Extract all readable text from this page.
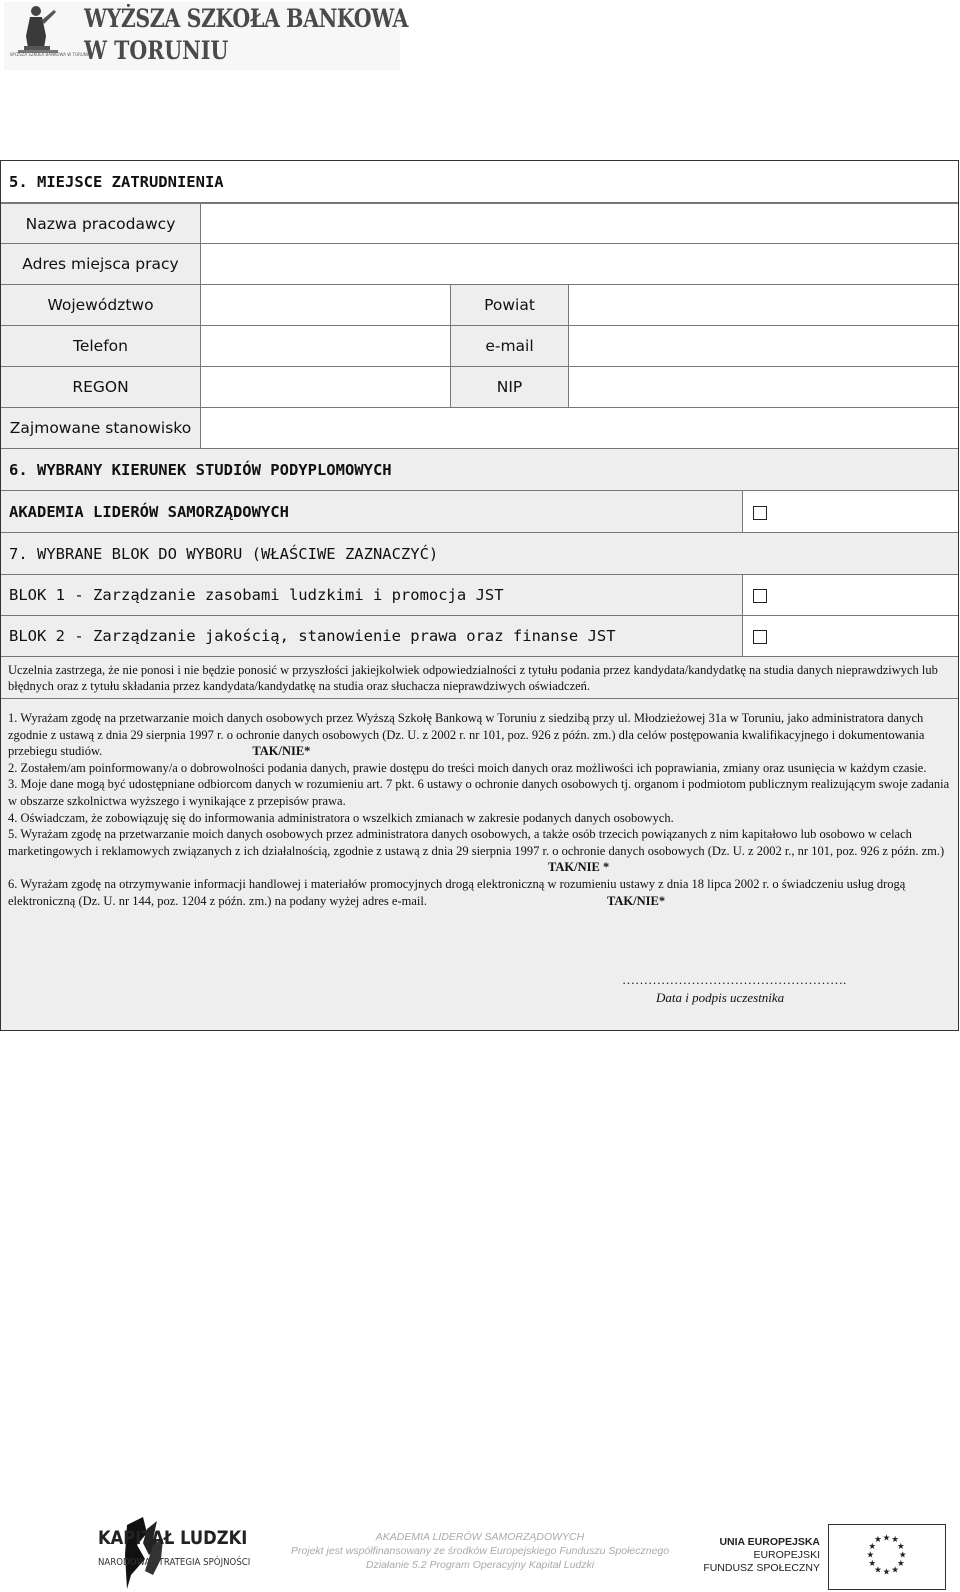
WYŻSZA SZKOŁA BANKOWA W TORUNIU
WYŻSZA SZKOŁA BANKOWA
W TORUNIU
5. MIEJSCE ZATRUDNIENIA
Nazwa pracodawcy
Adres miejsca pracy
Województwo	Powiat
Telefon	e-mail
REGON	NIP
Zajmowane stanowisko
6. WYBRANY KIERUNEK STUDIÓW PODYPLOMOWYCH
AKADEMIA LIDERÓW SAMORZĄDOWYCH
7. WYBRANE BLOK DO WYBORU (WŁAŚCIWE ZAZNACZYĆ)
BLOK 1 - Zarządzanie zasobami ludzkimi i promocja JST
BLOK 2 - Zarządzanie jakością, stanowienie prawa oraz finanse JST
Uczelnia zastrzega, że nie ponosi i nie będzie ponosić w przyszłości jakiejkolwiek odpowiedzialności z tytułu podania przez kandydata/kandydatkę na studia danych nieprawdziwych lub błędnych oraz z tytułu składania przez kandydata/kandydatkę na studia oraz słuchacza nieprawdziwych oświadczeń.

1. Wyrażam zgodę na przetwarzanie moich danych osobowych przez Wyższą Szkołę Bankową w Toruniu z siedzibą przy ul. Młodzieżowej 31a w Toruniu, jako administratora danych zgodnie z ustawą z dnia 29 sierpnia 1997 r. o ochronie danych osobowych (Dz. U. z 2002 r. nr 101, poz. 926 z późn. zm.) dla celów postępowania kwalifikacyjnego i dokumentowania przebiegu studiów.	TAK/NIE*

2. Zostałem/am poinformowany/a o dobrowolności podania danych, prawie dostępu do treści moich danych oraz możliwości ich poprawiania, zmiany oraz usunięcia w każdym czasie.

3. Moje dane mogą być udostępniane odbiorcom danych w rozumieniu art. 7 pkt. 6 ustawy o ochronie danych osobowych tj. organom i podmiotom publicznym realizującym swoje zadania w obszarze szkolnictwa wyższego i wynikające z przepisów prawa.

4. Oświadczam, że zobowiązuję się do informowania administratora o wszelkich zmianach w zakresie podanych danych osobowych.

5. Wyrażam zgodę na przetwarzanie moich danych osobowych przez administratora danych osobowych, a także osób trzecich powiązanych z nim kapitałowo lub osobowo w celach marketingowych i reklamowych związanych z ich działalnością, zgodnie z ustawą z dnia 29 sierpnia 1997 r. o ochronie danych osobowych (Dz. U. z 2002 r., nr 101, poz. 926 z późn. zm.)TAK/NIE *

6. Wyrażam zgodę na otrzymywanie informacji handlowej i materiałów promocyjnych drogą elektroniczną w rozumieniu ustawy z dnia 18 lipca 2002 r. o świadczeniu usług drogą elektroniczną (Dz. U. nr 144, poz. 1204 z późn. zm.) na podany wyżej adres e-mail.	TAK/NIE*

…………………………………………….
Data i podpis uczestnika
KAPITAŁ LUDZKI
NARODOWA STRATEGIA SPÓJNOŚCI
AKADEMIA LIDERÓW SAMORZĄDOWYCH
Projekt jest współfinansowany ze środków Europejskiego Funduszu Społecznego
Działanie 5.2 Program Operacyjny Kapitał Ludzki
UNIA EUROPEJSKA
EUROPEJSKI
FUNDUSZ SPOŁECZNY
★ ★
★
★
★
★
★
★
★
★
★
★
